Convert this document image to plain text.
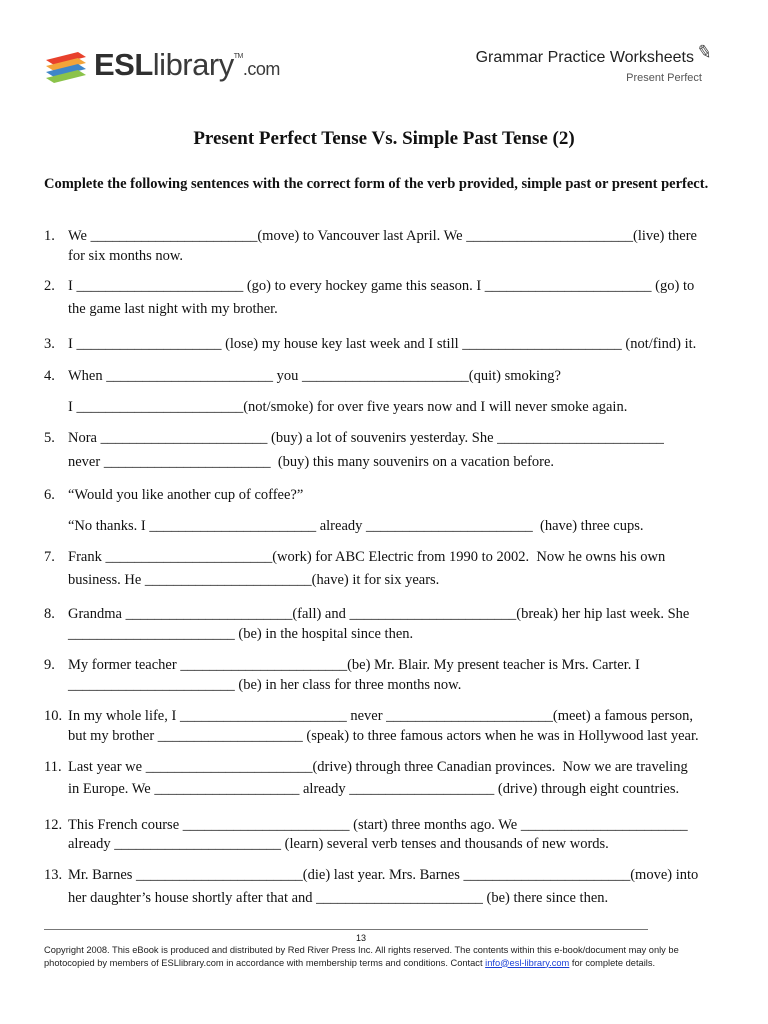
ESLlibrary™.com
Grammar Practice Worksheets ✎
Present Perfect
Present Perfect Tense Vs. Simple Past Tense (2)
Complete the following sentences with the correct form of the verb provided, simple past or present perfect.
1. We _______________________(move) to Vancouver last April. We _______________________(live) there
for six months now.
2. I _______________________ (go) to every hockey game this season. I _______________________ (go) to
the game last night with my brother.
3. I ____________________ (lose) my house key last week and I still ______________________ (not/find) it.
4. When _______________________ you _______________________(quit) smoking?
I _______________________(not/smoke) for over five years now and I will never smoke again.
5. Nora _______________________ (buy) a lot of souvenirs yesterday. She _______________________
never _______________________  (buy) this many souvenirs on a vacation before.
6. “Would you like another cup of coffee?”
“No thanks. I _______________________ already _______________________  (have) three cups.
7. Frank _______________________(work) for ABC Electric from 1990 to 2002.  Now he owns his own
business. He _______________________(have) it for six years.
8. Grandma _______________________(fall) and _______________________(break) her hip last week. She
_______________________ (be) in the hospital since then.
9. My former teacher _______________________(be) Mr. Blair. My present teacher is Mrs. Carter. I
_______________________ (be) in her class for three months now.
10. In my whole life, I _______________________ never _______________________(meet) a famous person,
but my brother ____________________ (speak) to three famous actors when he was in Hollywood last year.
11. Last year we _______________________(drive) through three Canadian provinces.  Now we are traveling
in Europe. We ____________________ already ____________________ (drive) through eight countries.
12. This French course _______________________ (start) three months ago. We _______________________
already _______________________ (learn) several verb tenses and thousands of new words.
13. Mr. Barnes _______________________(die) last year. Mrs. Barnes _______________________(move) into
her daughter’s house shortly after that and _______________________ (be) there since then.
13
Copyright 2008. This eBook is produced and distributed by Red River Press Inc. All rights reserved. The contents within this e-book/document may only be
photocopied by members of ESLlibrary.com in accordance with membership terms and conditions. Contact info@esl-library.com for complete details.
